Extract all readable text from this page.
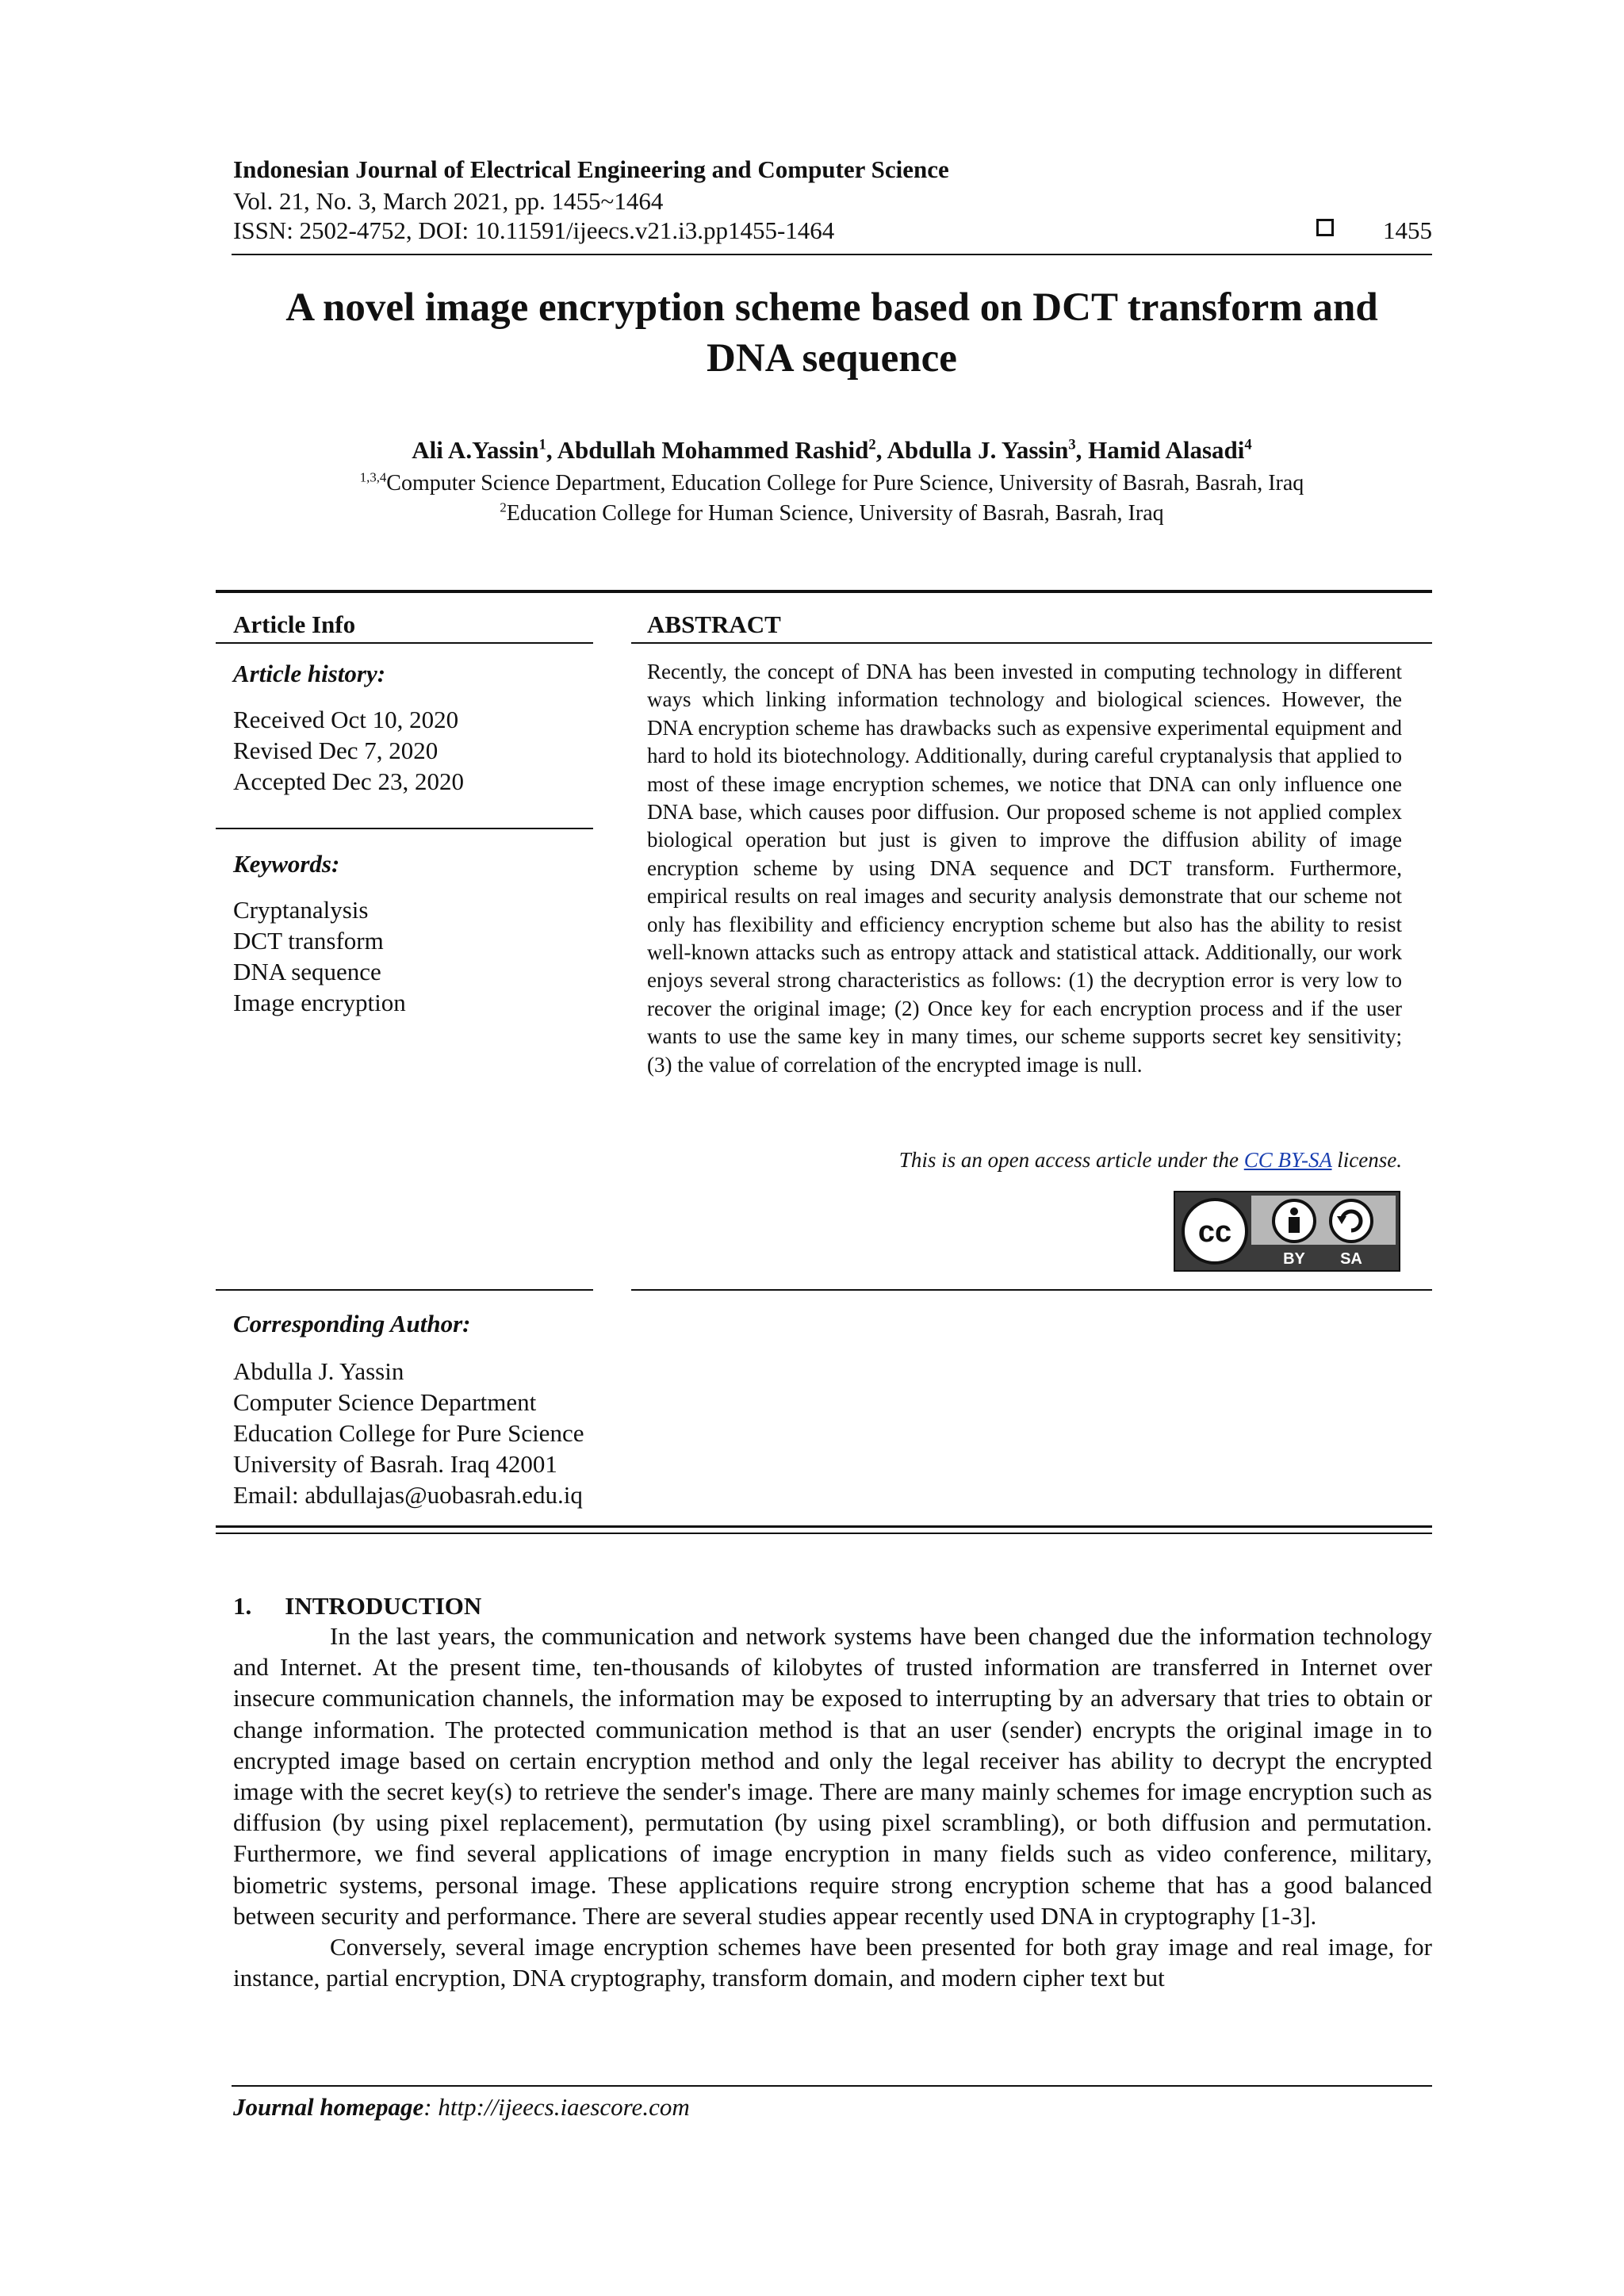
Indonesian Journal of Electrical Engineering and Computer Science
Vol. 21, No. 3, March 2021, pp. 1455~1464
ISSN: 2502-4752, DOI: 10.11591/ijeecs.v21.i3.pp1455-1464	1455
A novel image encryption scheme based on DCT transform and
DNA sequence
Ali A.Yassin$^1$, Abdullah Mohammed Rashid$^2$, Abdulla J. Yassin$^3$, Hamid Alasadi$^4$
$^{1,3,4}$Computer Science Department, Education College for Pure Science, University of Basrah, Basrah, Iraq
$^2$Education College for Human Science, University of Basrah, Basrah, Iraq
Article Info
Article history:
Received Oct 10, 2020
Revised Dec 7, 2020
Accepted Dec 23, 2020
Keywords:
Cryptanalysis
DCT transform
DNA sequence
Image encryption
Corresponding Author:
Abdulla J. Yassin
Computer Science Department
Education College for Pure Science
University of Basrah. Iraq 42001
Email: abdullajas@uobasrah.edu.iq
ABSTRACT
Recently, the concept of DNA has been invested in computing technology in different ways which linking information technology and biological sciences. However, the DNA encryption scheme has drawbacks such as expensive experimental equipment and hard to hold its biotechnology. Additionally, during careful cryptanalysis that applied to most of these image encryption schemes, we notice that DNA can only influence one DNA base, which causes poor diffusion. Our proposed scheme is not applied complex biological operation but just is given to improve the diffusion ability of image encryption scheme by using DNA sequence and DCT transform. Furthermore, empirical results on real images and security analysis demonstrate that our scheme not only has flexibility and efficiency encryption scheme but also has the ability to resist well-known attacks such as entropy attack and statistical attack. Additionally, our work enjoys several strong characteristics as follows: (1) the decryption error is very low to recover the original image; (2) Once key for each encryption process and if the user wants to use the same key in many times, our scheme supports secret key sensitivity; (3) the value of correlation of the encrypted image is null.
This is an open access article under the CC BY-SA license.
cc
BY SA
1. INTRODUCTION

In the last years, the communication and network systems have been changed due the information technology and Internet. At the present time, ten-thousands of kilobytes of trusted information are transferred in Internet over insecure communication channels, the information may be exposed to interrupting by an adversary that tries to obtain or change information. The protected communication method is that an user (sender) encrypts the original image in to encrypted image based on certain encryption method and only the legal receiver has ability to decrypt the encrypted image with the secret key(s) to retrieve the sender's image. There are many mainly schemes for image encryption such as diffusion (by using pixel replacement), permutation (by using pixel scrambling), or both diffusion and permutation. Furthermore, we find several applications of image encryption in many fields such as video conference, military, biometric systems, personal image. These applications require strong encryption scheme that has a good balanced between security and performance. There are several studies appear recently used DNA in cryptography [1-3].

Conversely, several image encryption schemes have been presented for both gray image and real image, for instance, partial encryption, DNA cryptography, transform domain, and modern cipher text but

Journal homepage: http://ijeecs.iaescore.com
